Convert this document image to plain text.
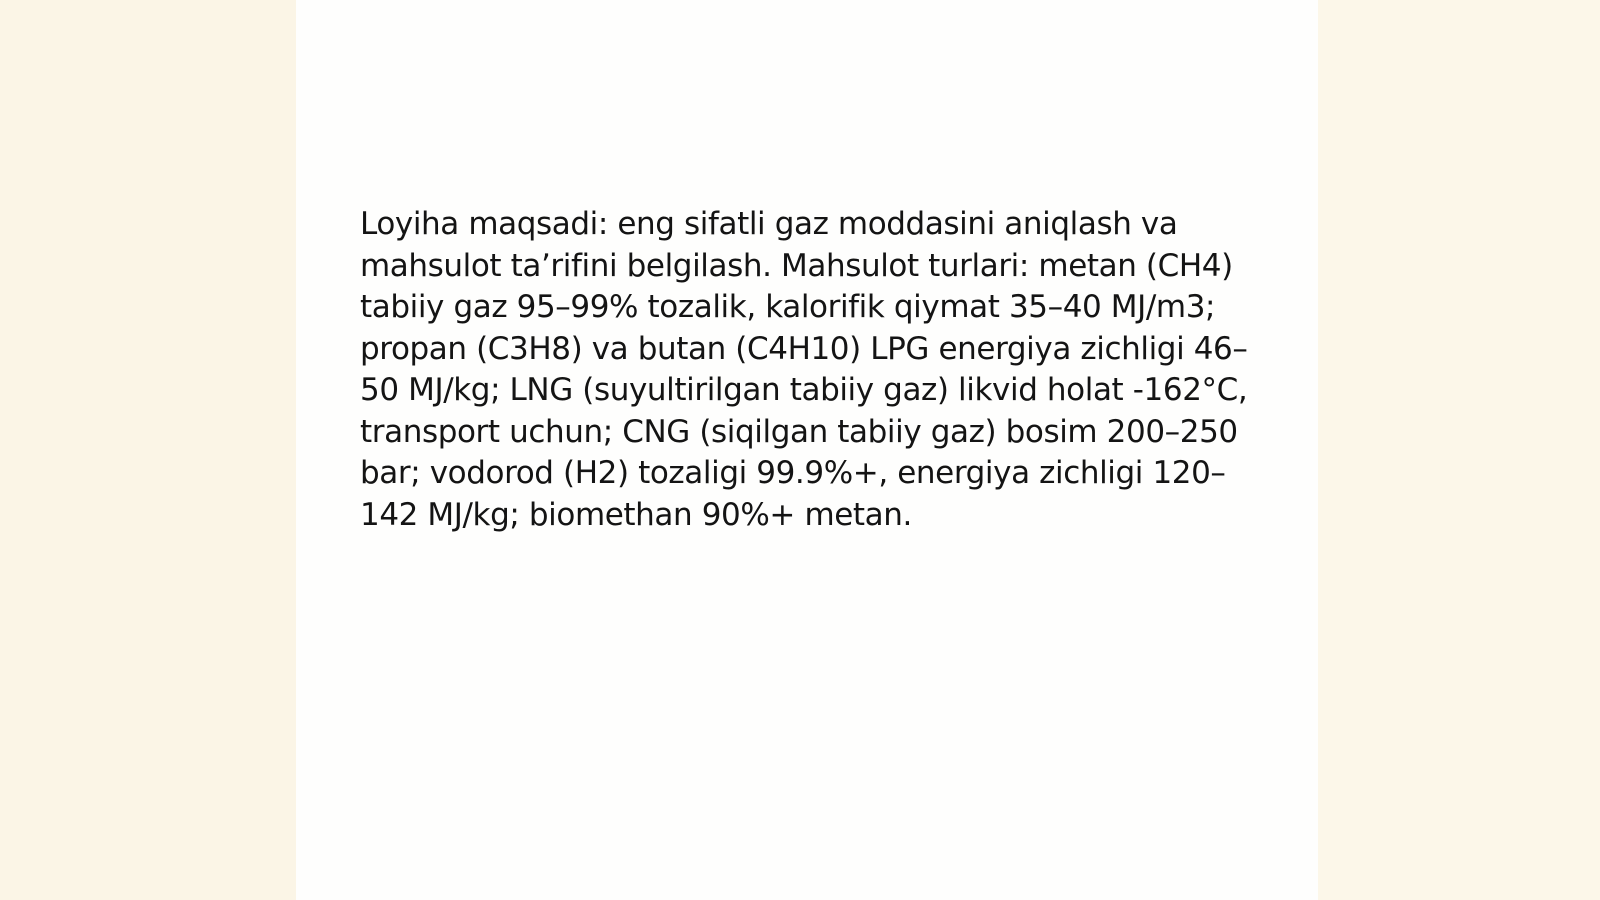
Loyiha maqsadi: eng sifatli gaz moddasini aniqlash va mahsulot ta’rifini belgilash. Mahsulot turlari: metan (CH4) tabiiy gaz 95–99% tozalik, kalorifik qiymat 35–40 MJ/m3; propan (C3H8) va butan (C4H10) LPG energiya zichligi 46–50 MJ/kg; LNG (suyultirilgan tabiiy gaz) likvid holat -162°C, transport uchun; CNG (siqilgan tabiiy gaz) bosim 200–250 bar; vodorod (H2) tozaligi 99.9%+, energiya zichligi 120–142 MJ/kg; biomethan 90%+ metan.
